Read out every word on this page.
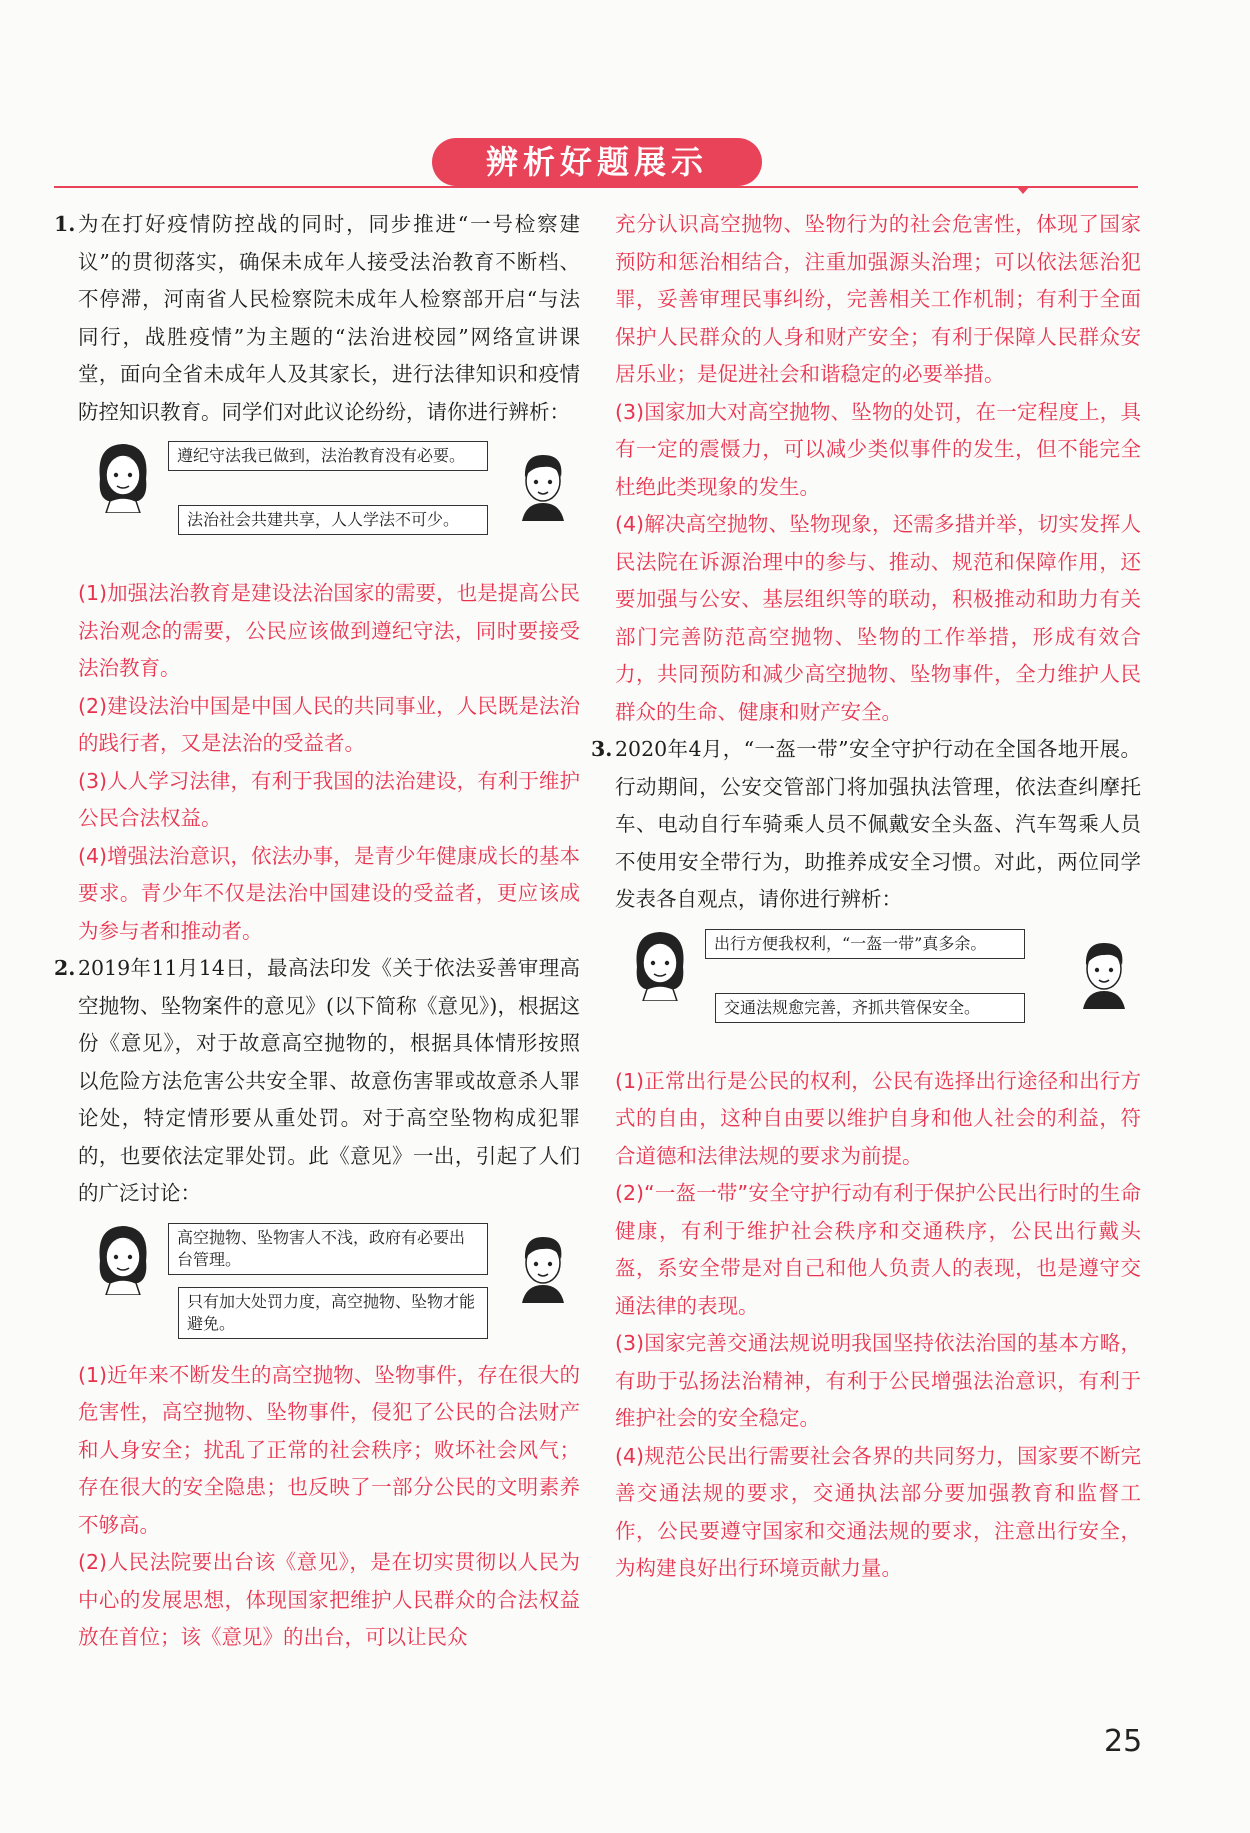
辨析好题展示
1. 为在打好疫情防控战的同时，同步推进“一号检察建议”的贯彻落实，确保未成年人接受法治教育不断档、不停滞，河南省人民检察院未成年人检察部开启“与法同行，战胜疫情”为主题的“法治进校园”网络宣讲课堂，面向全省未成年人及其家长，进行法律知识和疫情防控知识教育。同学们对此议论纷纷，请你进行辨析：
遵纪守法我已做到，法治教育没有必要。
法治社会共建共享，人人学法不可少。
(1)加强法治教育是建设法治国家的需要，也是提高公民法治观念的需要，公民应该做到遵纪守法，同时要接受法治教育。
(2)建设法治中国是中国人民的共同事业，人民既是法治的践行者，又是法治的受益者。
(3)人人学习法律，有利于我国的法治建设，有利于维护公民合法权益。
(4)增强法治意识，依法办事，是青少年健康成长的基本要求。青少年不仅是法治中国建设的受益者，更应该成为参与者和推动者。
2. 2019年11月14日，最高法印发《关于依法妥善审理高空抛物、坠物案件的意见》(以下简称《意见》)，根据这份《意见》，对于故意高空抛物的，根据具体情形按照以危险方法危害公共安全罪、故意伤害罪或故意杀人罪论处，特定情形要从重处罚。对于高空坠物构成犯罪的，也要依法定罪处罚。此《意见》一出，引起了人们的广泛讨论：
高空抛物、坠物害人不浅，政府有必要出台管理。
只有加大处罚力度，高空抛物、坠物才能避免。
(1)近年来不断发生的高空抛物、坠物事件，存在很大的危害性，高空抛物、坠物事件，侵犯了公民的合法财产和人身安全；扰乱了正常的社会秩序；败坏社会风气；存在很大的安全隐患；也反映了一部分公民的文明素养不够高。
(2)人民法院要出台该《意见》，是在切实贯彻以人民为中心的发展思想，体现国家把维护人民群众的合法权益放在首位；该《意见》的出台，可以让民众
充分认识高空抛物、坠物行为的社会危害性，体现了国家预防和惩治相结合，注重加强源头治理；可以依法惩治犯罪，妥善审理民事纠纷，完善相关工作机制；有利于全面保护人民群众的人身和财产安全；有利于保障人民群众安居乐业；是促进社会和谐稳定的必要举措。
(3)国家加大对高空抛物、坠物的处罚，在一定程度上，具有一定的震慑力，可以减少类似事件的发生，但不能完全杜绝此类现象的发生。
(4)解决高空抛物、坠物现象，还需多措并举，切实发挥人民法院在诉源治理中的参与、推动、规范和保障作用，还要加强与公安、基层组织等的联动，积极推动和助力有关部门完善防范高空抛物、坠物的工作举措，形成有效合力，共同预防和减少高空抛物、坠物事件，全力维护人民群众的生命、健康和财产安全。
3. 2020年4月，“一盔一带”安全守护行动在全国各地开展。行动期间，公安交管部门将加强执法管理，依法查纠摩托车、电动自行车骑乘人员不佩戴安全头盔、汽车驾乘人员不使用安全带行为，助推养成安全习惯。对此，两位同学发表各自观点，请你进行辨析：
出行方便我权利，“一盔一带”真多余。
交通法规愈完善，齐抓共管保安全。
(1)正常出行是公民的权利，公民有选择出行途径和出行方式的自由，这种自由要以维护自身和他人社会的利益，符合道德和法律法规的要求为前提。
(2)“一盔一带”安全守护行动有利于保护公民出行时的生命健康，有利于维护社会秩序和交通秩序，公民出行戴头盔，系安全带是对自己和他人负责人的表现，也是遵守交通法律的表现。
(3)国家完善交通法规说明我国坚持依法治国的基本方略，有助于弘扬法治精神，有利于公民增强法治意识，有利于维护社会的安全稳定。
(4)规范公民出行需要社会各界的共同努力，国家要不断完善交通法规的要求，交通执法部分要加强教育和监督工作，公民要遵守国家和交通法规的要求，注意出行安全，为构建良好出行环境贡献力量。
25
